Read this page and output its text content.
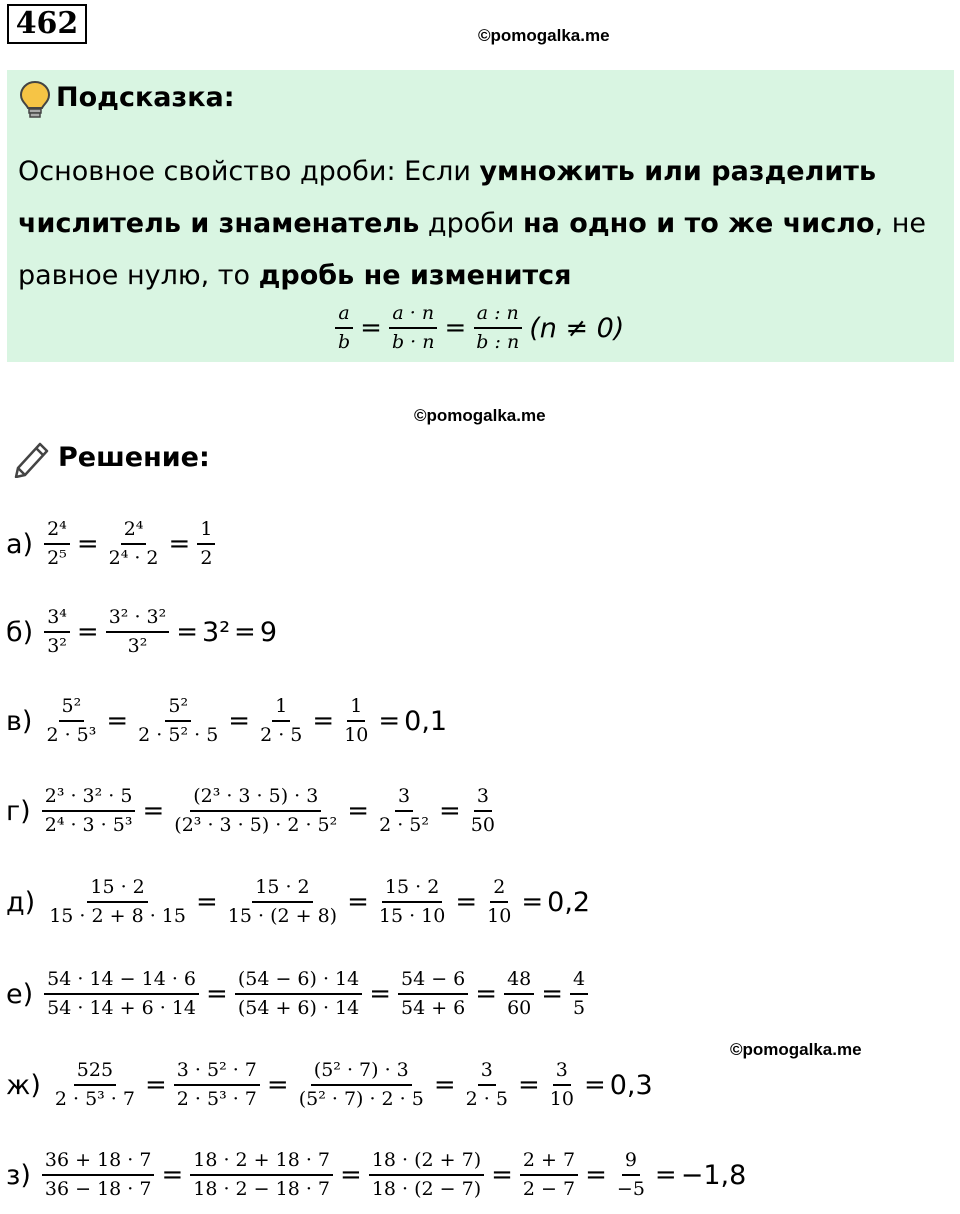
462	©pomogalka.me
Подсказка:
Основное свойство дроби: Если умножить или разделить числитель и знаменатель дроби на одно и то же число, не равное нулю, то дробь не изменится
$\frac{a}{b} = \frac{a \cdot n}{b \cdot n} = \frac{a : n}{b : n} (n \ne 0)$
©pomogalka.me
Решение:
$а) \frac{\text{2⁴}}{\text{2⁵}} = \frac{\text{2⁴}}{\text{2⁴ · 2}} = \frac{1}{2}$
$б) \frac{\text{3⁴}}{\text{3²}} = \frac{\text{3² · 3²}}{\text{3²}} = 3^2 = 9$
$в) \frac{\text{5²}}{\text{2 · 5³}} = \frac{\text{5²}}{\text{2 · 5² · 5}} = \frac{1}{2 \cdot 5} = \frac{1}{10} = 0,1$
$г) \frac{\text{2³ · 3² · 5}}{\text{2⁴ · 3 · 5³}} = \frac{\text{(2³ · 3 · 5) · 3}}{\text{(2³ · 3 · 5) · 2 · 5²}} = \frac{3}{\text{2 · 5²}} = \frac{3}{50}$
$д) \frac{15 \cdot 2}{15 \cdot 2 + 8 \cdot 15} = \frac{15 \cdot 2}{15 \cdot (2 + 8)} = \frac{15 \cdot 2}{15 \cdot 10} = \frac{2}{10} = 0,2$
$е) \frac{54 \cdot 14 - 14 \cdot 6}{54 \cdot 14 + 6 \cdot 14} = \frac{(54 - 6) \cdot 14}{(54 + 6) \cdot 14} = \frac{54 - 6}{54 + 6} = \frac{48}{60} = \frac{4}{5}$
©pomogalka.me
$ж) \frac{525}{\text{2 · 5³ · 7}} = \frac{\text{3 · 5² · 7}}{\text{2 · 5³ · 7}} = \frac{\text{(5² · 7) · 3}}{\text{(5² · 7) · 2 · 5}} = \frac{3}{2 \cdot 5} = \frac{3}{10} = 0,3$
$з) \frac{36 + 18 \cdot 7}{36 - 18 \cdot 7} = \frac{18 \cdot 2 + 18 \cdot 7}{18 \cdot 2 - 18 \cdot 7} = \frac{18 \cdot (2 + 7)}{18 \cdot (2 - 7)} = \frac{2 + 7}{2 - 7} = \frac{9}{-5} = -1,8$
